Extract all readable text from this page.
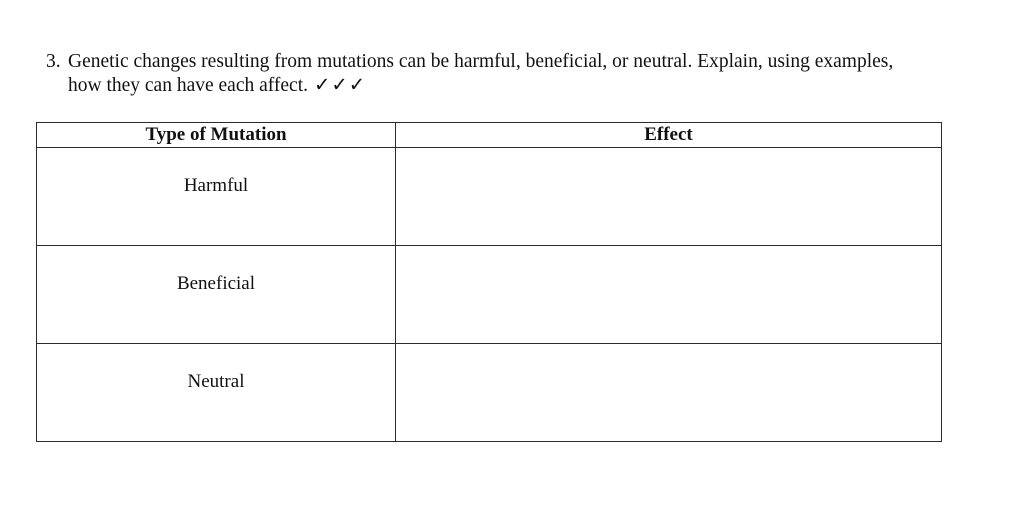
3. Genetic changes resulting from mutations can be harmful, beneficial, or neutral. Explain, using examples,
how they can have each affect. ✓✓✓
Type of Mutation	Effect
Harmful	
Beneficial	
Neutral	
